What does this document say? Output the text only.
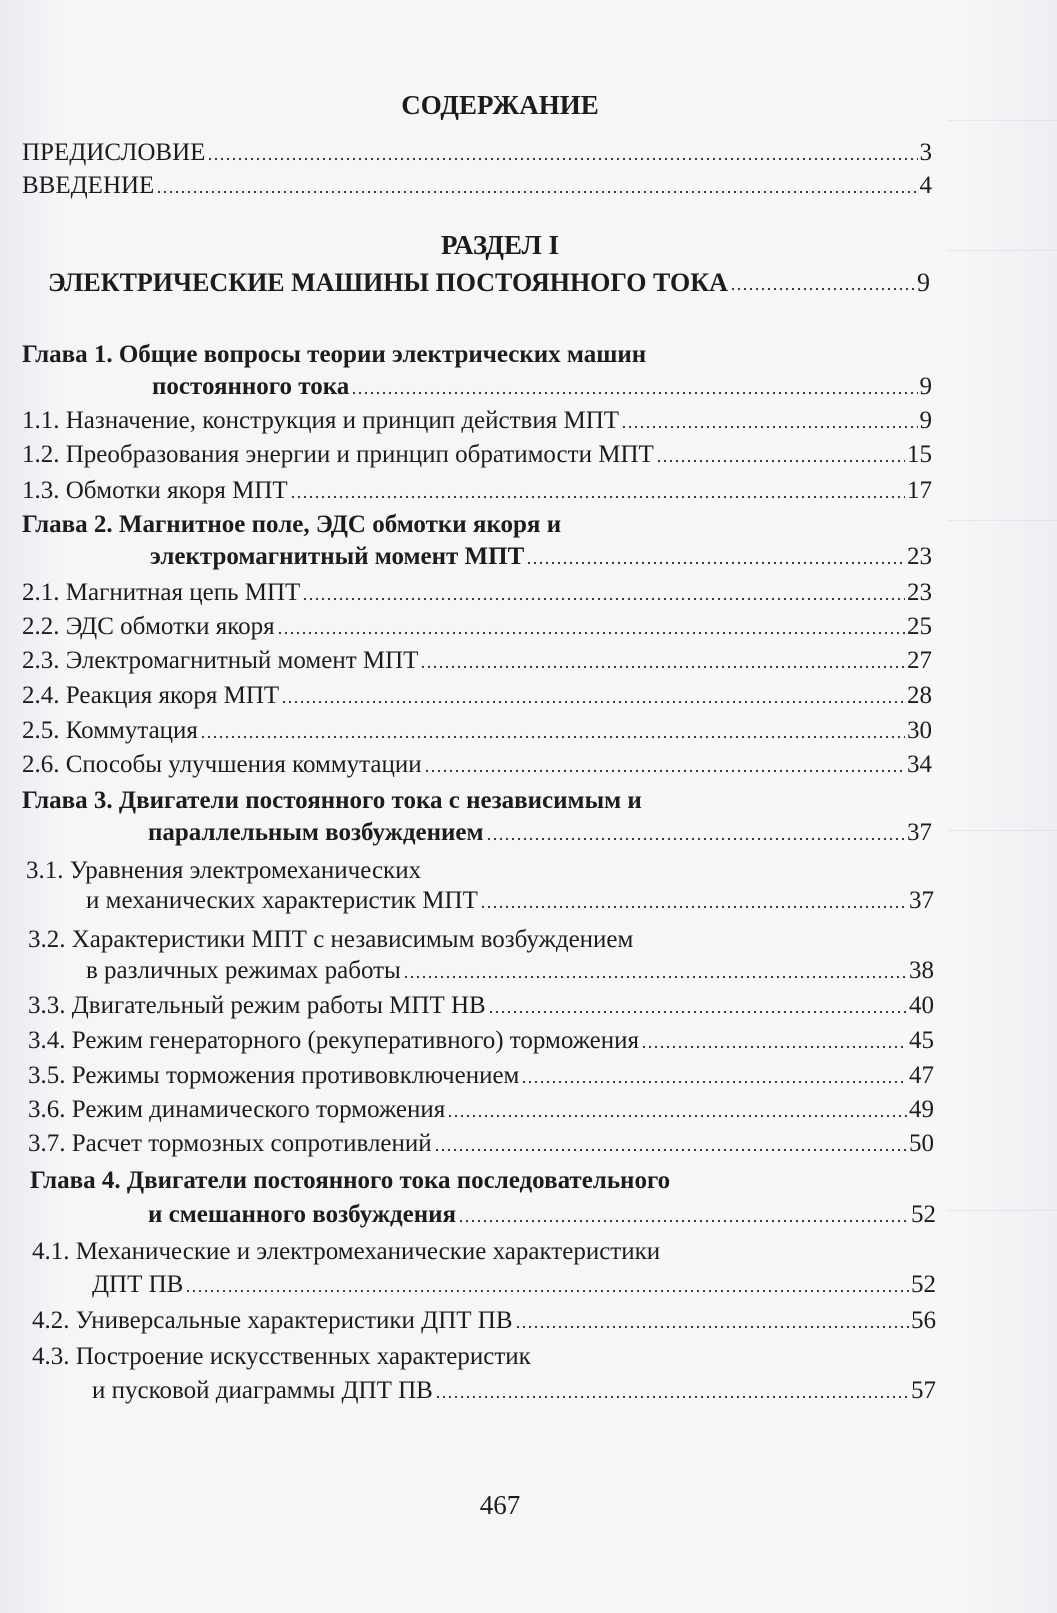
СОДЕРЖАНИЕ
ПРЕДИСЛОВИЕ	3
ВВЕДЕНИЕ	4
РАЗДЕЛ I
ЭЛЕКТРИЧЕСКИЕ МАШИНЫ ПОСТОЯННОГО ТОКА	9
Глава 1. Общие вопросы теории электрических машин
постоянного тока	9
1.1. Назначение, конструкция и принцип действия МПТ	9
1.2. Преобразования энергии и принцип обратимости МПТ	15
1.3. Обмотки якоря МПТ	17
Глава 2. Магнитное поле, ЭДС обмотки якоря и
электромагнитный момент МПТ	23
2.1. Магнитная цепь МПТ	23
2.2. ЭДС обмотки якоря	25
2.3. Электромагнитный момент МПТ	27
2.4. Реакция якоря МПТ	28
2.5. Коммутация	30
2.6. Способы улучшения коммутации	34
Глава 3. Двигатели постоянного тока с независимым и
параллельным возбуждением	37
3.1. Уравнения электромеханических
и механических характеристик МПТ	37
3.2. Характеристики МПТ с независимым возбуждением
в различных режимах работы	38
3.3. Двигательный режим работы МПТ НВ	40
3.4. Режим генераторного (рекуперативного) торможения	45
3.5. Режимы торможения противовключением	47
3.6. Режим динамического торможения	49
3.7. Расчет тормозных сопротивлений	50
Глава 4. Двигатели постоянного тока последовательного
и смешанного возбуждения	52
4.1. Механические и электромеханические характеристики
ДПТ ПВ	52
4.2. Универсальные характеристики ДПТ ПВ	56
4.3. Построение искусственных характеристик
и пусковой диаграммы ДПТ ПВ	57
467
